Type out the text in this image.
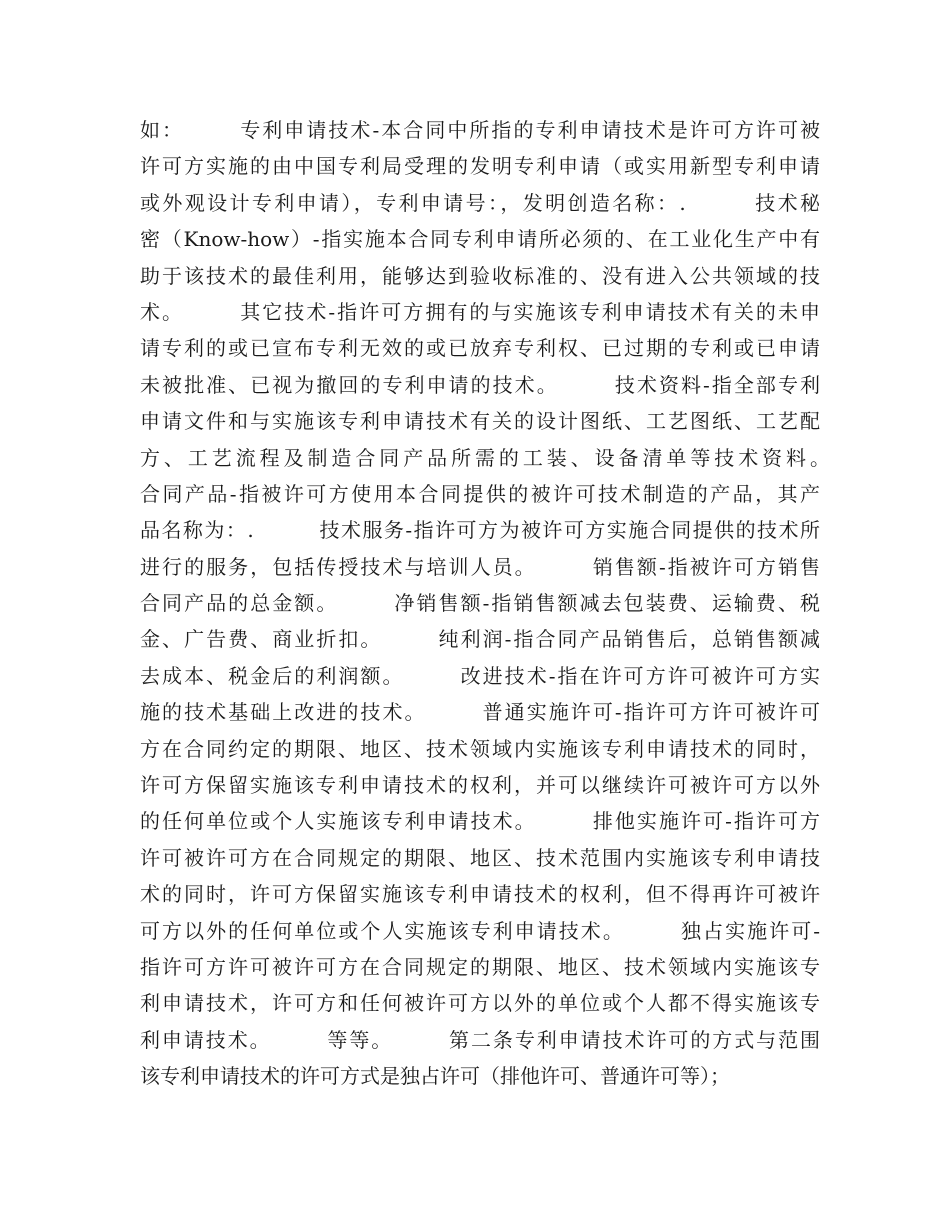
如：　　　专利申请技术-本合同中所指的专利申请技术是许可方许可被
许可方实施的由中国专利局受理的发明专利申请（或实用新型专利申请
或外观设计专利申请），专利申请号：，发明创造名称：.　　　技术秘
密（Know-how）-指实施本合同专利申请所必须的、在工业化生产中有
助于该技术的最佳利用，能够达到验收标准的、没有进入公共领域的技
术。　　　其它技术-指许可方拥有的与实施该专利申请技术有关的未申
请专利的或已宣布专利无效的或已放弃专利权、已过期的专利或已申请
未被批准、已视为撤回的专利申请的技术。　　　技术资料-指全部专利
申请文件和与实施该专利申请技术有关的设计图纸、工艺图纸、工艺配
方、工艺流程及制造合同产品所需的工装、设备清单等技术资料。　　　
合同产品-指被许可方使用本合同提供的被许可技术制造的产品，其产
品名称为：.　　　技术服务-指许可方为被许可方实施合同提供的技术所
进行的服务，包括传授技术与培训人员。　　　销售额-指被许可方销售
合同产品的总金额。　　　净销售额-指销售额减去包装费、运输费、税
金、广告费、商业折扣。　　　纯利润-指合同产品销售后，总销售额减
去成本、税金后的利润额。　　　改进技术-指在许可方许可被许可方实
施的技术基础上改进的技术。　　　普通实施许可-指许可方许可被许可
方在合同约定的期限、地区、技术领域内实施该专利申请技术的同时，
许可方保留实施该专利申请技术的权利，并可以继续许可被许可方以外
的任何单位或个人实施该专利申请技术。　　　排他实施许可-指许可方
许可被许可方在合同规定的期限、地区、技术范围内实施该专利申请技
术的同时，许可方保留实施该专利申请技术的权利，但不得再许可被许
可方以外的任何单位或个人实施该专利申请技术。　　　独占实施许可-
指许可方许可被许可方在合同规定的期限、地区、技术领域内实施该专
利申请技术，许可方和任何被许可方以外的单位或个人都不得实施该专
利申请技术。　　　等等。　　　第二条专利申请技术许可的方式与范围
该专利申请技术的许可方式是独占许可（排他许可、普通许可等）；
